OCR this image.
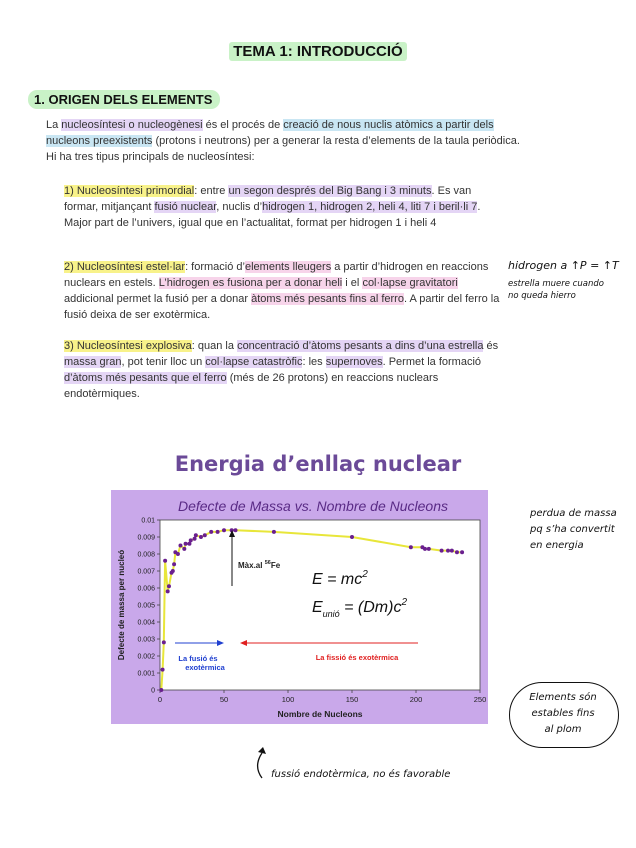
TEMA 1: INTRODUCCIÓ
1. ORIGEN DELS ELEMENTS
La nucleosíntesi o nucleogènesi és el procés de creació de nous nuclis atòmics a partir dels nucleons preexistents (protons i neutrons) per a generar la resta d’elements de la taula periòdica.
Hi ha tres tipus principals de nucleosíntesi:
1) Nucleosíntesi primordial: entre un segon després del Big Bang i 3 minuts. Es van formar, mitjançant fusió nuclear, nuclis d’hidrogen 1, hidrogen 2, heli 4, liti 7 i beril·li 7. Major part de l’univers, igual que en l’actualitat, format per hidrogen 1 i heli 4
2) Nucleosíntesi estel·lar: formació d’elements lleugers a partir d’hidrogen en reaccions nuclears en estels. L’hidrogen es fusiona per a donar heli i el col·lapse gravitatori addicional permet la fusió per a donar àtoms més pesants fins al ferro. A partir del ferro la fusió deixa de ser exotèrmica.
3) Nucleosíntesi explosiva: quan la concentració d’àtoms pesants a dins d’una estrella és massa gran, pot tenir lloc un col·lapse catastròfic: les supernoves. Permet la formació d’àtoms més pesants que el ferro (més de 26 protons) en reaccions nuclears endotèrmiques.
hidrogen a ↑P = ↑T
estrella muere cuando
no queda hierro
perdua de massa
pq s’ha convertit
en energia
Elements són
estables fins
al plom
Energia d’enllaç nuclear
Defecte de Massa vs. Nombre de Nucleons
0
0.001
0.002
0.003
0.004
0.005
0.006
0.007
0.008
0.009
0.01
0	50	100	150	200	250
Defecte de massa per nucleó
Nombre de Nucleons
Màx.al $^{56}$Fe
La fusió és
exotèrmica
La fissió és exotèrmica
$E = mc^2$
$E_{unió} = (Dm)c^2$
fussió endotèrmica, no és favorable
